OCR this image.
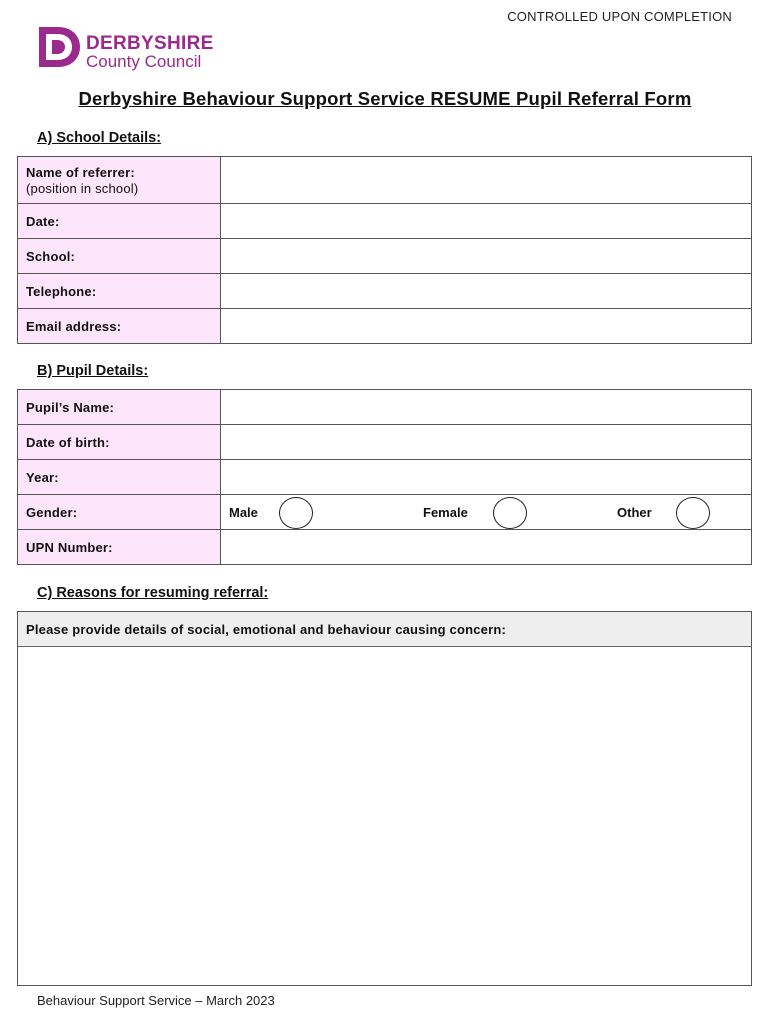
CONTROLLED UPON COMPLETION
DERBYSHIRE
County Council
Derbyshire Behaviour Support Service RESUME Pupil Referral Form
A) School Details:
Name of referrer:
(position in school)	

Date:	
School:	
Telephone:	
Email address:	
B) Pupil Details:
Pupil’s Name:	
Date of birth:	
Year:	
Gender:	Male Female Other

UPN Number:	
C) Reasons for resuming referral:
Please provide details of social, emotional and behaviour causing concern:
Behaviour Support Service – March 2023
